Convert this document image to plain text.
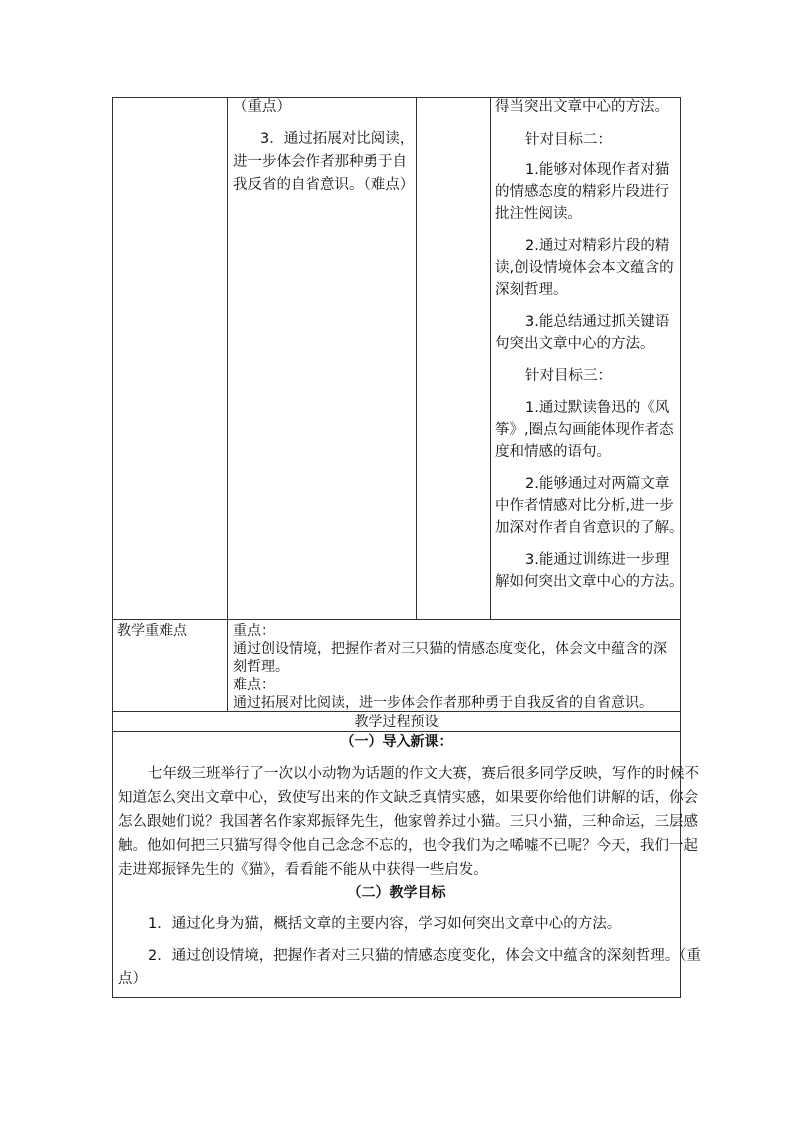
（重点）
3．通过拓展对比阅读，
进一步体会作者那种勇于自
我反省的自省意识。（难点）
得当突出文章中心的方法。
针对目标二：
1.能够对体现作者对猫
的情感态度的精彩片段进行
批注性阅读。
2.通过对精彩片段的精
读,创设情境体会本文蕴含的
深刻哲理。
3.能总结通过抓关键语
句突出文章中心的方法。
针对目标三：
1.通过默读鲁迅的《风
筝》,圈点勾画能体现作者态
度和情感的语句。
2.能够通过对两篇文章
中作者情感对比分析,进一步
加深对作者自省意识的了解。
3.能通过训练进一步理
解如何突出文章中心的方法。
教学重难点	重点：
通过创设情境，把握作者对三只猫的情感态度变化，体会文中蕴含的深
刻哲理。
难点：
通过拓展对比阅读，进一步体会作者那种勇于自我反省的自省意识。
教学过程预设
（一）导入新课：
七年级三班举行了一次以小动物为话题的作文大赛，赛后很多同学反映，写作的时候不
知道怎么突出文章中心，致使写出来的作文缺乏真情实感，如果要你给他们讲解的话，你会
怎么跟她们说？我国著名作家郑振铎先生，他家曾养过小猫。三只小猫，三种命运，三层感
触。他如何把三只猫写得令他自己念念不忘的，也令我们为之唏嘘不已呢？今天，我们一起
走进郑振铎先生的《猫》，看看能不能从中获得一些启发。
（二）教学目标
1．通过化身为猫，概括文章的主要内容，学习如何突出文章中心的方法。
2．通过创设情境，把握作者对三只猫的情感态度变化，体会文中蕴含的深刻哲理。（重
点）
